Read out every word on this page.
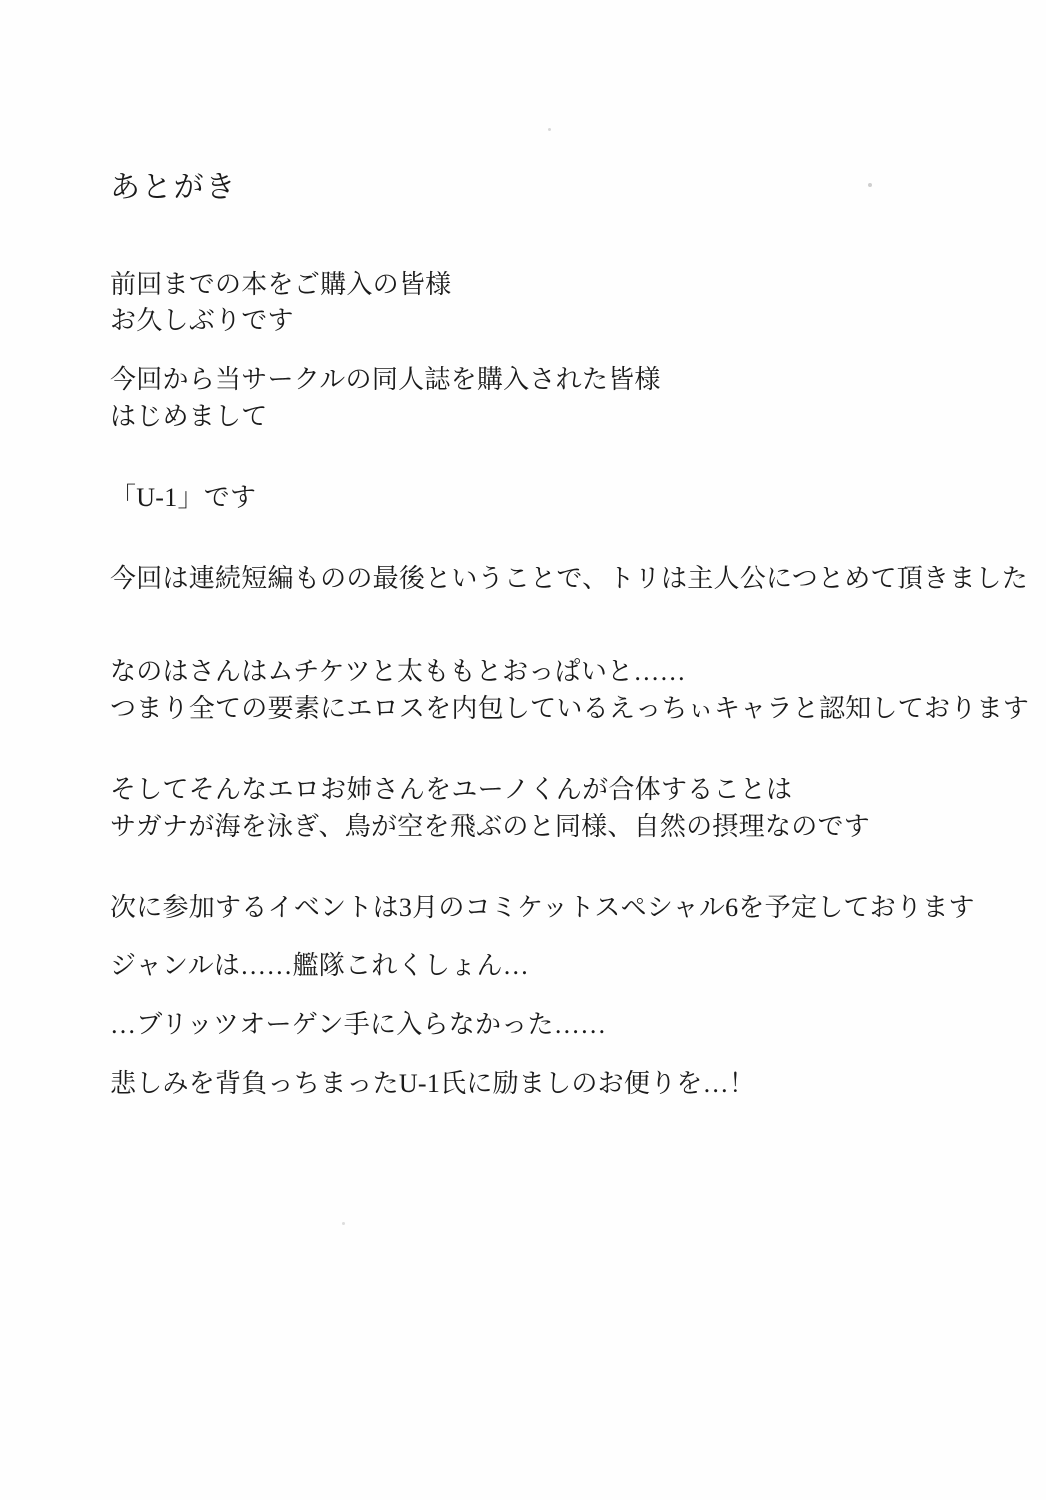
あとがき
前回までの本をご購入の皆様
お久しぶりです
今回から当サークルの同人誌を購入された皆様
はじめまして
「U-1」です
今回は連続短編ものの最後ということで、トリは主人公につとめて頂きました
なのはさんはムチケツと太ももとおっぱいと……
つまり全ての要素にエロスを内包しているえっちぃキャラと認知しております
そしてそんなエロお姉さんをユーノくんが合体することは
サガナが海を泳ぎ、鳥が空を飛ぶのと同様、自然の摂理なのです
次に参加するイベントは3月のコミケットスペシャル6を予定しております
ジャンルは……艦隊これくしょん…
…ブリッツオーゲン手に入らなかった……
悲しみを背負っちまったU-1氏に励ましのお便りを…！
